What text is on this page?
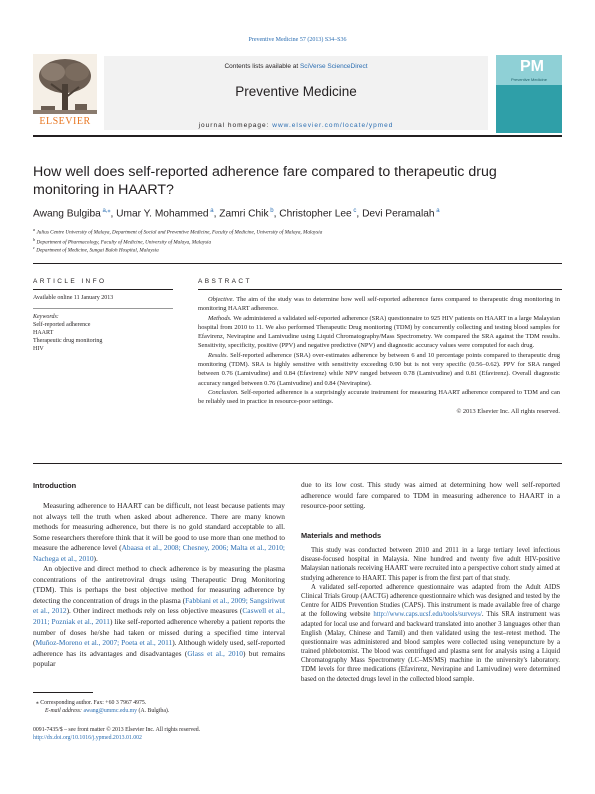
Preventive Medicine 57 (2013) S34–S36
Contents lists available at SciVerse ScienceDirect
Preventive Medicine
journal homepage: www.elsevier.com/locate/ypmed
ELSEVIER
PM
Preventive Medicine
How well does self-reported adherence fare compared to therapeutic drug monitoring in HAART?
Awang Bulgiba $^{a,⁎}$, Umar Y. Mohammed $^a$, Zamri Chik $^b$, Christopher Lee $^c$, Devi Peramalah $^a$
$^a$ Julius Centre University of Malaya, Department of Social and Preventive Medicine, Faculty of Medicine, University of Malaya, Malaysia
$^b$ Department of Pharmacology, Faculty of Medicine, University of Malaya, Malaysia
$^c$ Department of Medicine, Sungai Buloh Hospital, Malaysia
ARTICLE INFO
Available online 11 January 2013
Keywords:
Self-reported adherence
HAART
Therapeutic drug monitoring
HIV
ABSTRACT

Objective. The aim of the study was to determine how well self-reported adherence fares compared to therapeutic drug monitoring in monitoring HAART adherence.

Methods. We administered a validated self-reported adherence (SRA) questionnaire to 925 HIV patients on HAART in a large Malaysian hospital from 2010 to 11. We also performed Therapeutic Drug monitoring (TDM) by concurrently collecting and testing blood samples for Efavirenz, Nevirapine and Lamivudine using Liquid Chromatography/Mass Spectrometry. We compared the SRA against the TDM results. Sensitivity, specificity, positive (PPV) and negative predictive (NPV) and diagnostic accuracy values were computed for each drug.

Results. Self-reported adherence (SRA) over-estimates adherence by between 6 and 10 percentage points compared to therapeutic drug monitoring (TDM). SRA is highly sensitive with sensitivity exceeding 0.90 but is not very specific (0.56–0.62). PPV for SRA ranged between 0.76 (Lamivudine) and 0.84 (Efavirenz) while NPV ranged between 0.78 (Lamivudine) and 0.81 (Efavirenz). Overall diagnostic accuracy ranged between 0.76 (Lamivudine) and 0.84 (Nevirapine).

Conclusion. Self-reported adherence is a surprisingly accurate instrument for measuring HAART adherence compared to TDM and can be reliably used in practice in resource-poor settings.

© 2013 Elsevier Inc. All rights reserved.
Introduction

Measuring adherence to HAART can be difficult, not least because patients may not always tell the truth when asked about adherence. There are many known methods for measuring adherence, but there is no gold standard acceptable to all. Some researchers therefore think that it will be good to use more than one method to measure the adherence level (Abaasa et al., 2008; Chesney, 2006; Malta et al., 2010; Nachega et al., 2010).

An objective and direct method to check adherence is by measuring the plasma concentrations of the antiretroviral drugs using Therapeutic Drug Monitoring (TDM). This is perhaps the best objective method for measuring adherence by detecting the concentration of drugs in the plasma (Fabbiani et al., 2009; Sangsiriwut et al., 2012). Other indirect methods rely on less objective measures (Caswell et al., 2011; Pozniak et al., 2011) like self-reported adherence whereby a patient reports the number of doses he/she had taken or missed during a specified time interval (Muñoz-Moreno et al., 2007; Poeta et al., 2011). Although widely used, self-reported adherence has its advantages and disadvantages (Glass et al., 2010) but remains popular

due to its low cost. This study was aimed at determining how well self-reported adherence would fare compared to TDM in measuring adherence to HAART in a resource-poor setting.
Materials and methods

This study was conducted between 2010 and 2011 in a large tertiary level infectious disease-focused hospital in Malaysia. Nine hundred and twenty five adult HIV-positive Malaysian nationals receiving HAART were recruited into a perspective cohort study aimed at studying adherence to HAART. This paper is from the first part of that study.

A validated self-reported adherence questionnaire was adapted from the Adult AIDS Clinical Trials Group (AACTG) adherence questionnaire which was designed and tested by the Centre for AIDS Prevention Studies (CAPS). This instrument is made available free of charge at the following website http://www.caps.ucsf.edu/tools/surveys/. This SRA instrument was adapted for local use and forward and backward translated into another 3 languages other than English (Malay, Chinese and Tamil) and then validated using the test–retest method. The questionnaire was administered and blood samples were collected using venepuncture by a trained phlebotomist. The blood was centrifuged and plasma sent for analysis using a Liquid Chromatography Mass Spectrometry (LC–MS/MS) machine in the university's laboratory. TDM levels for three medications (Efavirenz, Nevirapine and Lamivudine) were determined based on the detected drugs level in the collected blood sample.

⁎ Corresponding author. Fax: +60 3 7967 4975.
E-mail address: awang@ummc.edu.my (A. Bulgiba).
0091-7435/$ – see front matter © 2013 Elsevier Inc. All rights reserved.
http://dx.doi.org/10.1016/j.ypmed.2013.01.002
